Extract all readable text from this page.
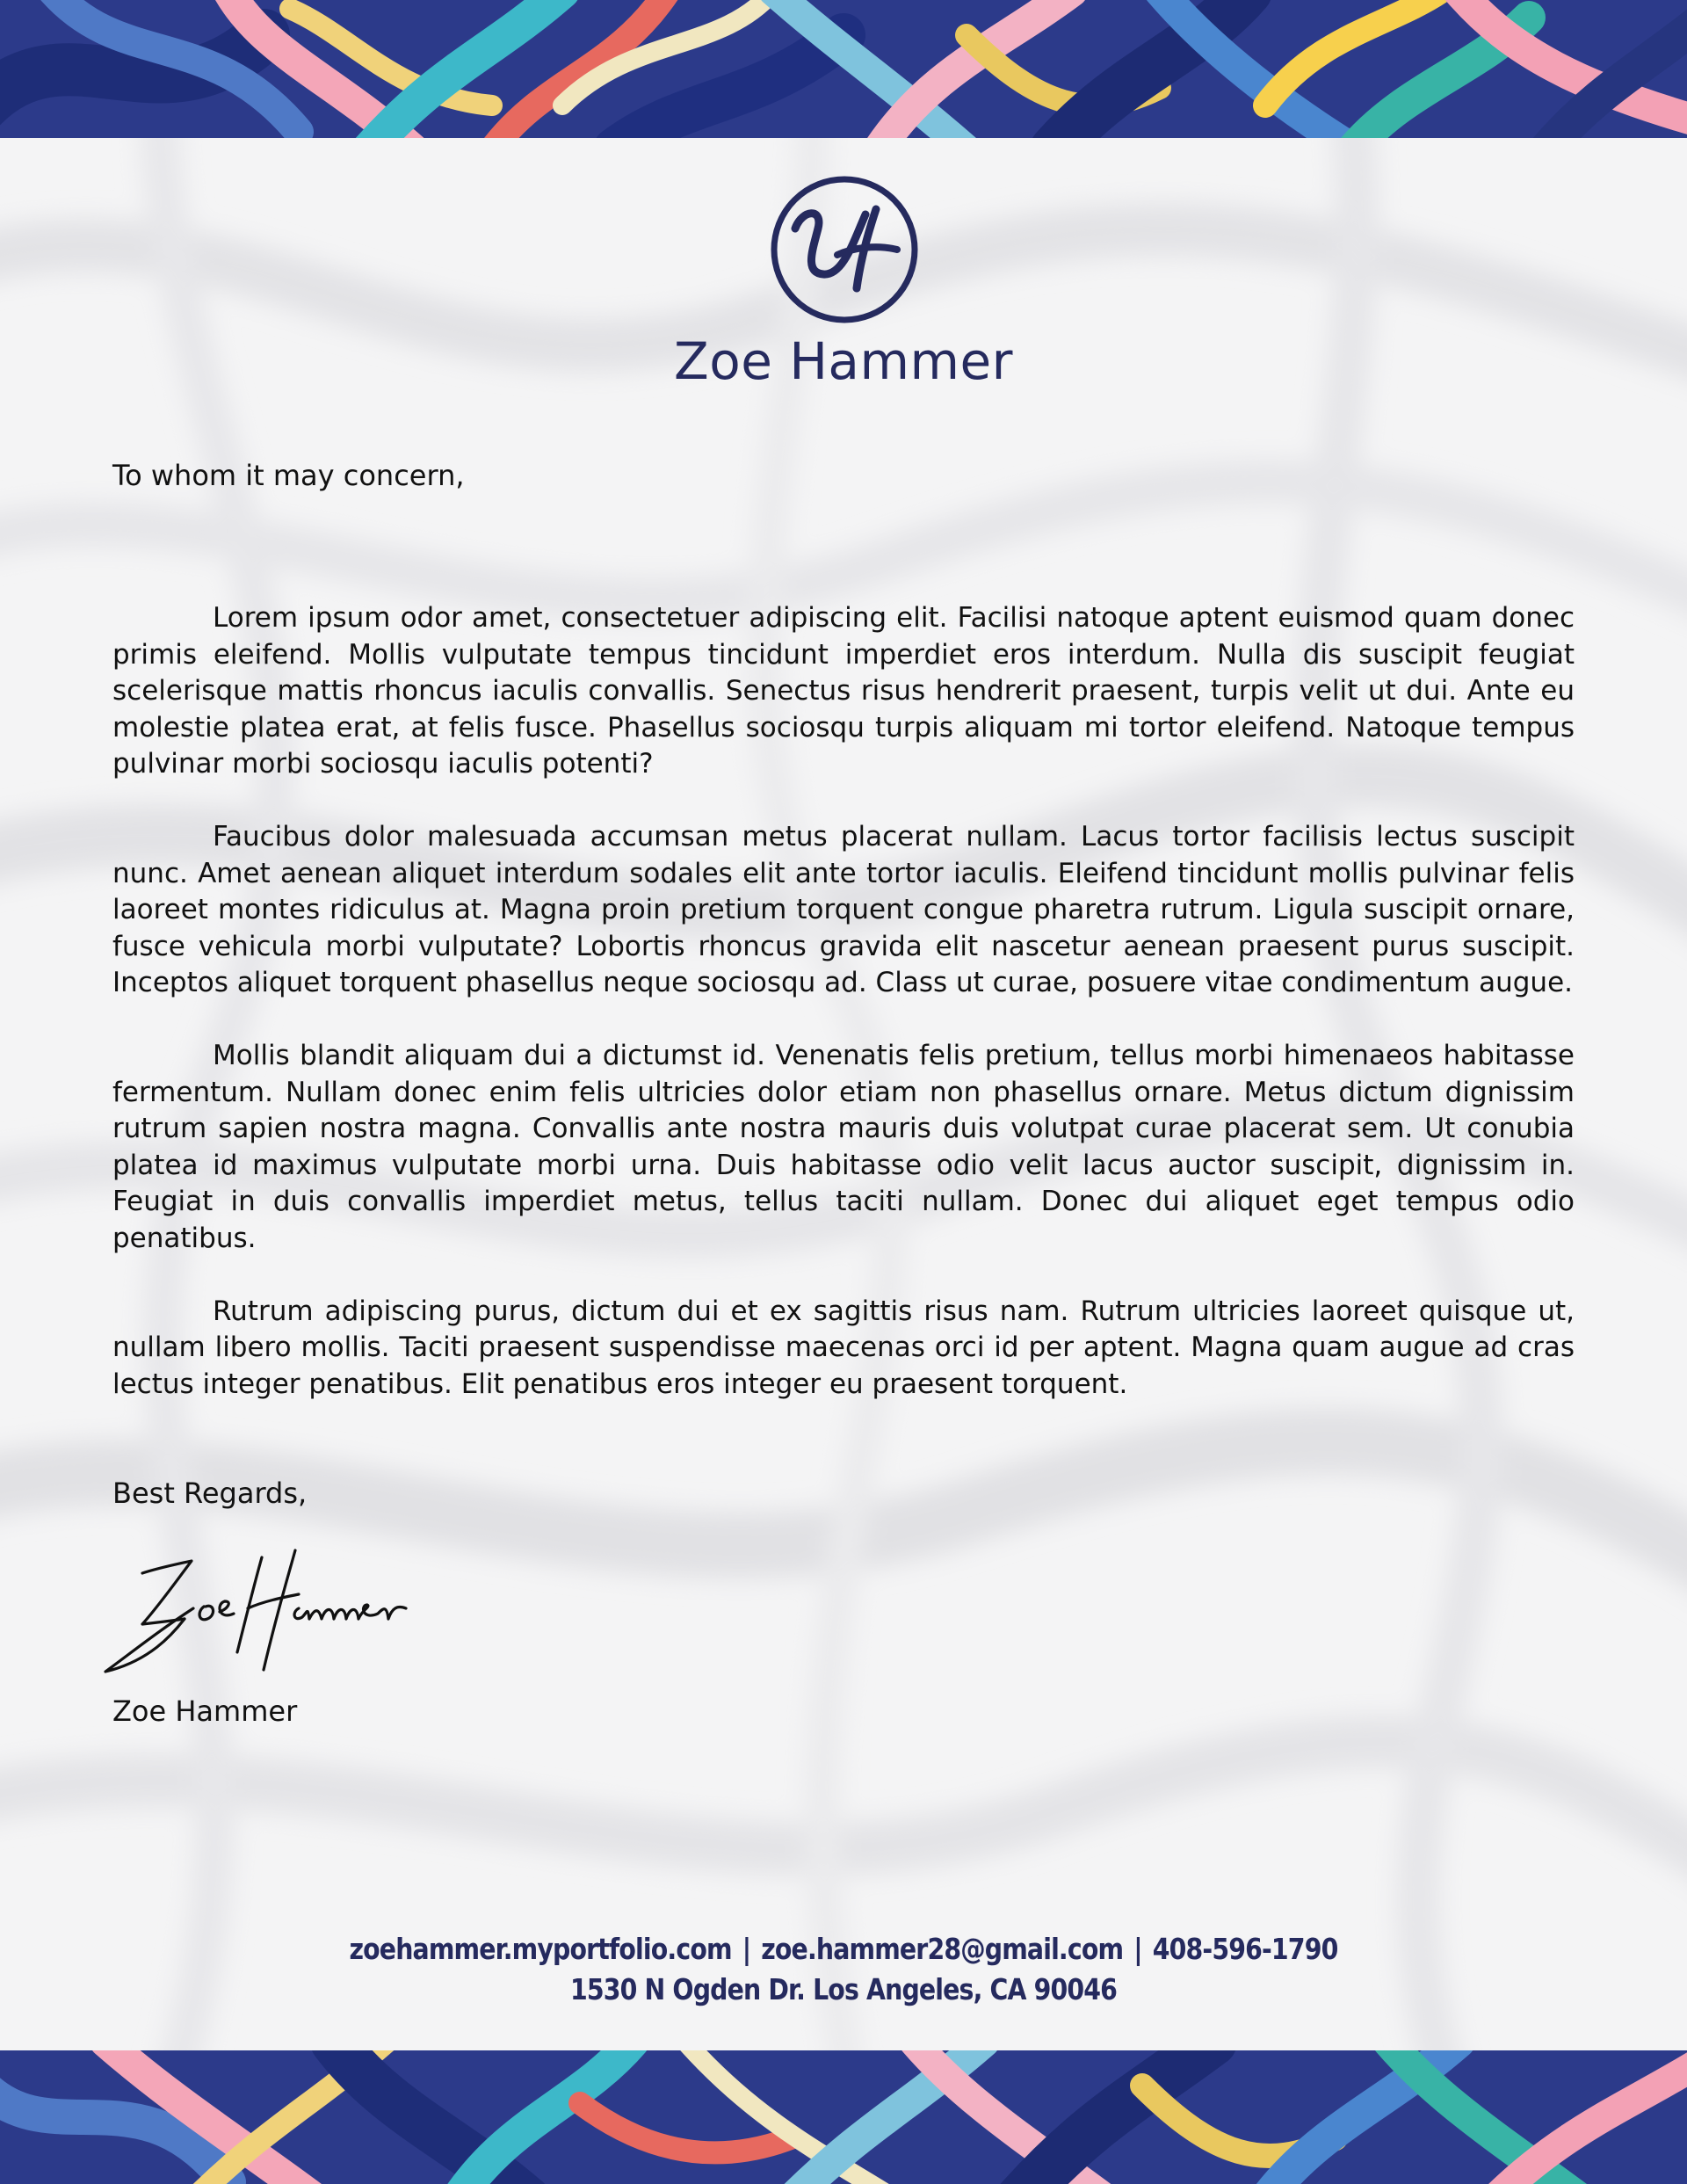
Zoe Hammer
To whom it may concern,

Lorem ipsum odor amet, consectetuer adipiscing elit. Facilisi natoque aptent euismod quam donec primis eleifend. Mollis vulputate tempus tincidunt imperdiet eros interdum. Nulla dis suscipit feugiat scelerisque mattis rhoncus iaculis convallis. Senectus risus hendrerit praesent, turpis velit ut dui. Ante eu molestie platea erat, at felis fusce. Phasellus sociosqu turpis aliquam mi tortor eleifend. Natoque tempus pulvinar morbi sociosqu iaculis potenti?

Faucibus dolor malesuada accumsan metus placerat nullam. Lacus tortor facilisis lectus suscipit nunc. Amet aenean aliquet interdum sodales elit ante tortor iaculis. Eleifend tincidunt mollis pulvinar felis laoreet montes ridiculus at. Magna proin pretium torquent congue pharetra rutrum. Ligula suscipit ornare, fusce vehicula morbi vulputate? Lobortis rhoncus gravida elit nascetur aenean praesent purus suscipit. Inceptos aliquet torquent phasellus neque sociosqu ad. Class ut curae, posuere vitae condimentum augue.

Mollis blandit aliquam dui a dictumst id. Venenatis felis pretium, tellus morbi himenaeos habitasse fermentum. Nullam donec enim felis ultricies dolor etiam non phasellus ornare. Metus dictum dignissim rutrum sapien nostra magna. Convallis ante nostra mauris duis volutpat curae placerat sem. Ut conubia platea id maximus vulputate morbi urna. Duis habitasse odio velit lacus auctor suscipit, dignissim in. Feugiat in duis convallis imperdiet metus, tellus taciti nullam. Donec dui aliquet eget tempus odio penatibus.

Rutrum adipiscing purus, dictum dui et ex sagittis risus nam. Rutrum ultricies laoreet quisque ut, nullam libero mollis. Taciti praesent suspendisse maecenas orci id per aptent. Magna quam augue ad cras lectus integer penatibus. Elit penatibus eros integer eu praesent torquent.

Best Regards,
Zoe Hammer
zoehammer.myportfolio.com | zoe.hammer28@gmail.com | 408-596-1790
1530 N Ogden Dr. Los Angeles, CA 90046
